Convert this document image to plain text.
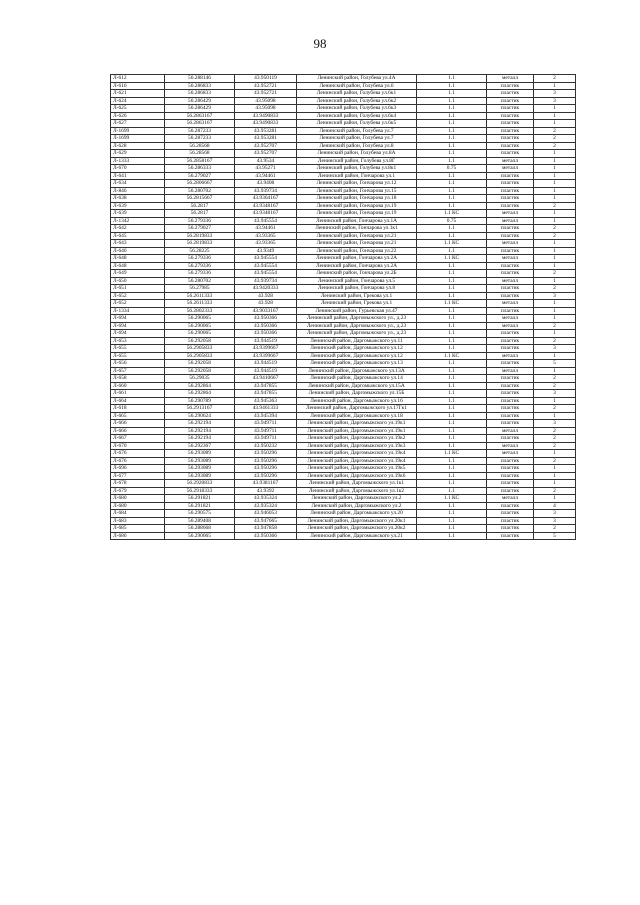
98
Л-612	56.288146	43.950119	Ленинский район, Голубева ул.4А	1.1	металл	2
Л-616	56.286833	43.952721	Ленинский район, Голубева ул.6	1.1	пластик	1
Л-621	56.286833	43.952721	Ленинский район, Голубева ул.6к1	1.1	пластик	3
Л-624	56.286429	43.95098	Ленинский район, Голубева ул.6к2	1.1	пластик	3
Л-625	56.286429	43.95098	Ленинский район, Голубева ул.6к3	1.1	пластик	1
Л-626	56.2863167	43.9490833	Ленинский район, Голубева ул.6к4	1.1	пластик	1
Л-627	56.2863167	43.9490833	Ленинский район, Голубева ул.6к5	1.1	пластик	1
Л-1699	56.287233	43.953281	Ленинский район, Голубева ул.7	1.1	пластик	2
Л-1699	56.287233	43.953281	Ленинский район, Голубева ул.7	1.1	пластик	2
Л-628	56.28568	43.952707	Ленинский район, Голубева ул.8	1.1	пластик	2
Л-629	56.28568	43.952707	Ленинский район, Голубева ул.8А	1.1	пластик	1
Л-1333	56.2858167	43.9534	Ленинский район, Голубева ул.8Г	1.1	металл	1
Л-670	56.286333	43.95271	Ленинский район, Голубева ул.8к1	0.75	металл	1
Л-641	56.279027	43.94461	Ленинский район, Гончарова ул.1	1.1	пластик	1
Л-634	56.2806667	43.9408	Ленинский район, Гончарова ул.12	1.1	пластик	1
Л-846	56.280702	43.939734	Ленинский район, Гончарова ул.15	1.1	пластик	1
Л-638	56.2815667	43.9364167	Ленинский район, Гончарова ул.18	1.1	пластик	1
Л-639	56.2817	43.9348167	Ленинский район, Гончарова ул.19	1.1	пластик	2
Л-639	56.2817	43.9348167	Ленинский район, Гончарова ул.19	1.1 КС	металл	1
Л-1342	56.279336	43.945554	Ленинский район, Гончарова ул.1А	0.75	металл	1
Л-642	56.279027	43.94461	Ленинский район, Гончарова ул.1к1	1.1	пластик	2
Л-645	56.2819833	43.93365	Ленинский район, Гончарова ул.21	1.1	пластик	2
Л-643	56.2819833	43.93365	Ленинский район, Гончарова ул.21	1.1 КС	металл	1
Л-646	56.28225	43.9349	Ленинский район, Гончарова ул.22	1.1	пластик	1
Л-648	56.279336	43.945554	Ленинский район, Гончарова ул.2А	1.1 КС	металл	1
Л-648	56.279336	43.945554	Ленинский район, Гончарова ул.2А	1.1	пластик	1
Л-649	56.279336	43.945554	Ленинский район, Гончарова ул.2Б	1.1	пластик	2
Л-650	56.280702	43.939734	Ленинский район, Гончарова ул.5	1.1	металл	1
Л-651	56.27985	43.9420333	Ленинский район, Гончарова ул.8	1.1	пластик	2
Л-652	56.2611333	43.928	Ленинский район, Грекова ул.1	1.1	пластик	3
Л-652	56.2611333	43.928	Ленинский район, Грекова ул.1	1.1 КС	металл	1
Л-1334	56.2802333	43.9033167	Ленинский район, Гурьевская ул.47	1.1	пластик	1
Л-694	56.290065	43.950366	Ленинский район, Даргомыжского ул., д.23	1.1	металл	1
Л-694	56.290065	43.950366	Ленинский район, Даргомыжского ул., д.23	1.1	металл	2
Л-694	56.290065	43.950366	Ленинский район, Даргомыжского ул., д.23	1.1	пластик	1
Л-653	56.292058	43.944519	Ленинский район, Даргомыжского ул.11	1.1	пластик	2
Л-655	56.2905833	43.9399667	Ленинский район, Даргомыжского ул.12	1.1	пластик	3
Л-655	56.2905833	43.9399667	Ленинский район, Даргомыжского ул.12	1.1 КС	металл	1
Л-656	56.292058	43.944519	Ленинский район, Даргомыжского ул.13	1.1	пластик	5
Л-657	56.292058	43.944519	Ленинский район, Даргомыжского ул.13А	1.1	металл	1
Л-658	56.29035	43.9410667	Ленинский район, Даргомыжского ул.14	1.1	пластик	2
Л-660	56.292864	43.947855	Ленинский район, Даргомыжского ул.15А	1.1	пластик	2
Л-661	56.292864	43.947855	Ленинский район, Даргомыжского ул.15Б	1.1	пластик	3
Л-664	56.290789	43.945363	Ленинский район, Даргомыжского ул.16	1.1	пластик	1
Л-618	56.2913167	43.9461333	Ленинский район, Даргомыжского ул.17Гк1	1.1	пластик	2
Л-665	56.290624	43.945394	Ленинский район, Даргомыжского ул.18	1.1	пластик	1
Л-666	56.292194	43.949711	Ленинский район, Даргомыжского ул.19к1	1.1	пластик	3
Л-666	56.292194	43.949711	Ленинский район, Даргомыжского ул.19к1	1.1	металл	2
Л-667	56.292194	43.949711	Ленинский район, Даргомыжского ул.19к2	1.1	пластик	2
Л-670	56.292367	43.950232	Ленинский район, Даргомыжского ул.19к3	1.1	металл	2
Л-676	56.293089	43.950296	Ленинский район, Даргомыжского ул.19к4	1.1 КС	металл	1
Л-676	56.293089	43.950296	Ленинский район, Даргомыжского ул.19к4	1.1	пластик	2
Л-696	56.293089	43.950296	Ленинский район, Даргомыжского ул.19к5	1.1	пластик	1
Л-677	56.293089	43.950296	Ленинский район, Даргомыжского ул.19к6	1.1	пластик	1
Л-678	56.2920833	43.9381167	Ленинский район, Даргомыжского ул.1к1	1.1	пластик	1
Л-679	56.2918333	43.9392	Ленинский район, Даргомыжского ул.1к2	1.1	пластик	2
Л-680	56.291821	43.935324	Ленинский район, Даргомыжского ул.2	1.1 КС	металл	1
Л-680	56.291821	43.935324	Ленинский район, Даргомыжского ул.2	1.1	пластик	4
Л-684	56.290575	43.946053	Ленинский район, Даргомыжского ул.20	1.1	пластик	3
Л-683	56.289408	43.947665	Ленинский район, Даргомыжского ул.20к1	1.1	пластик	3
Л-685	56.288668	43.947858	Ленинский район, Даргомыжского ул.20к2	1.1	пластик	2
Л-686	56.290065	43.950366	Ленинский район, Даргомыжского ул.21	1.1	пластик	5
